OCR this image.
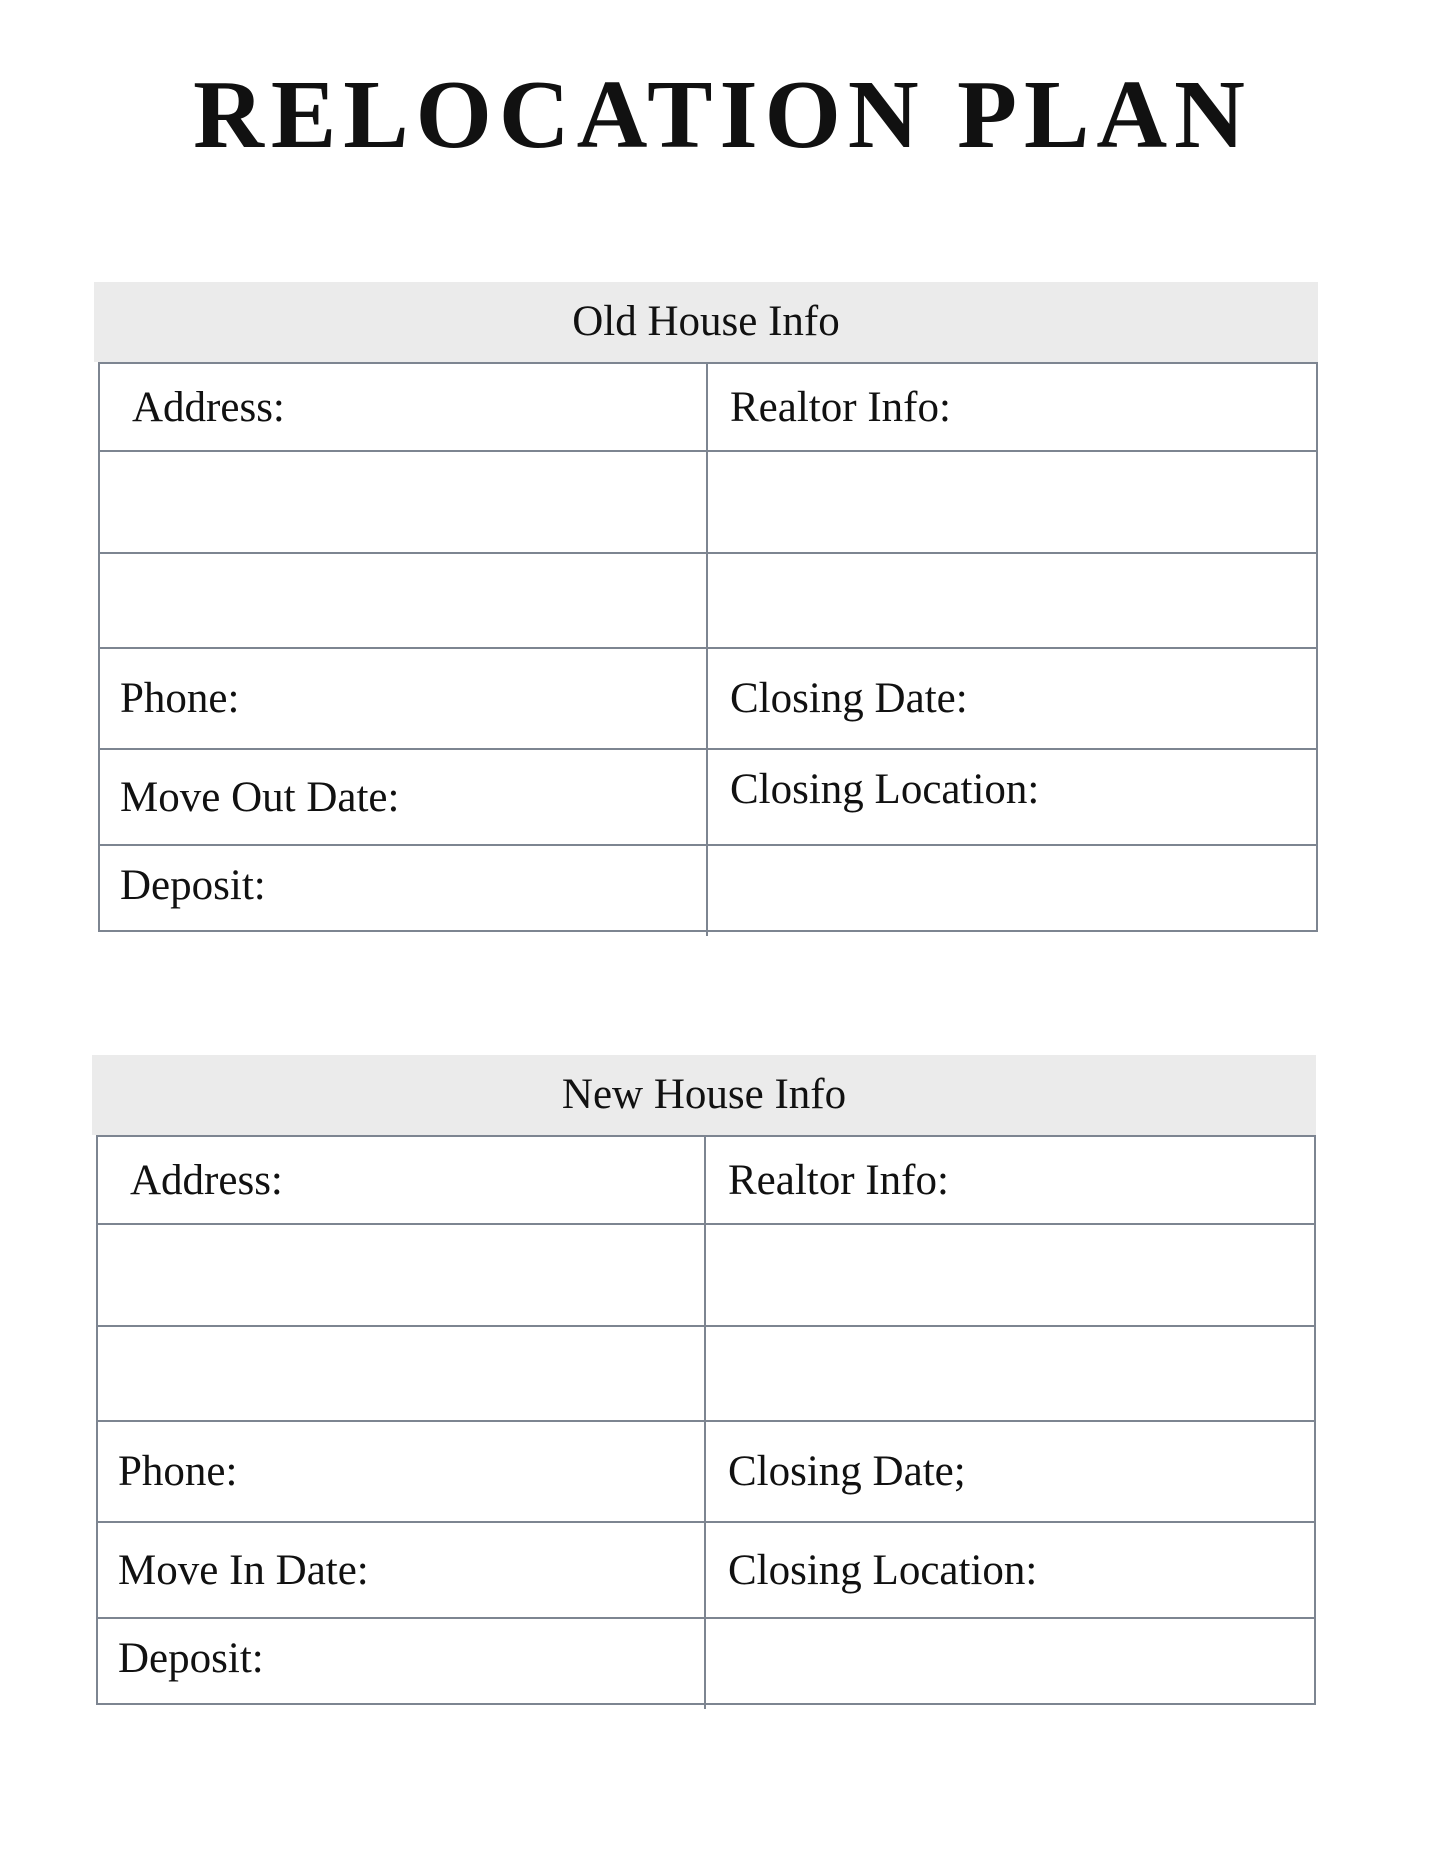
RELOCATION PLAN
Old House Info
Address:	Realtor Info:
Phone:	Closing Date:
Move Out Date:	Closing Location:
Deposit:
New House Info
Address:	Realtor Info:
Phone:	Closing Date;
Move In Date:	Closing Location:
Deposit:
